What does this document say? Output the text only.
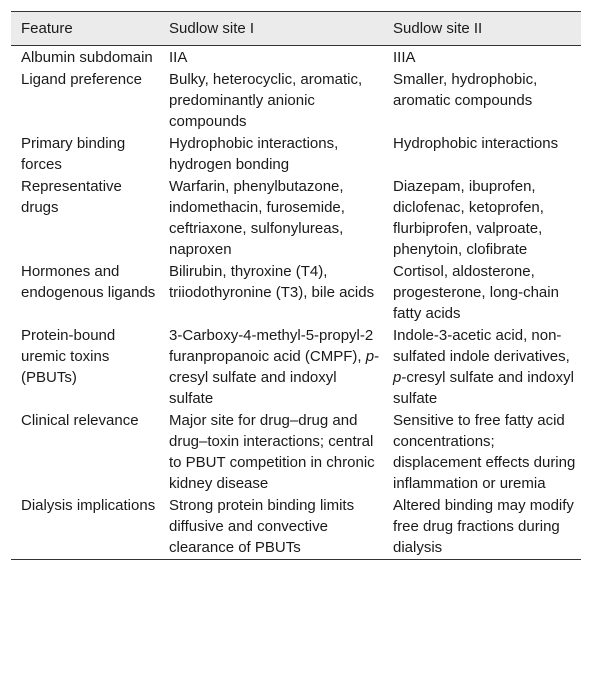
Feature	Sudlow site I	Sudlow site II
Albumin subdomain	IIA	IIIA
Ligand preference	Bulky, heterocyclic, aromatic, predominantly anionic compounds	Smaller, hydrophobic, aromatic compounds
Primary binding forces	Hydrophobic interactions, hydrogen bonding	Hydrophobic interactions
Representative drugs	Warfarin, phenylbutazone, indomethacin, furosemide, ceftriaxone, sulfonylureas, naproxen	Diazepam, ibuprofen, diclofenac, ketoprofen, flurbiprofen, valproate, phenytoin, clofibrate
Hormones and endogenous ligands	Bilirubin, thyroxine (T4), triiodothyronine (T3), bile acids	Cortisol, aldosterone, progesterone, long-chain fatty acids
Protein-bound uremic toxins (PBUTs)	3-Carboxy-4-methyl-5-propyl-2 furanpropanoic acid (CMPF), p-cresyl sulfate and indoxyl sulfate	Indole-3-acetic acid, non-sulfated indole derivatives, p-cresyl sulfate and indoxyl sulfate
Clinical relevance	Major site for drug–drug and drug–toxin interactions; central to PBUT competition in chronic kidney disease	Sensitive to free fatty acid concentrations; displacement effects during inflammation or uremia
Dialysis implications	Strong protein binding limits diffusive and convective clearance of PBUTs	Altered binding may modify free drug fractions during dialysis
